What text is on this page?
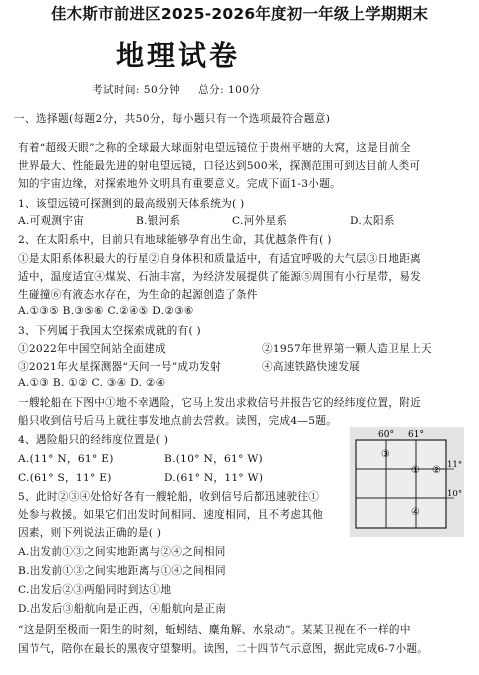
佳木斯市前进区2025-2026年度初一年级上学期期末
地理试卷
考试时间: 50分钟 总分: 100分
一、选择题(每题2分，共50分，每小题只有一个选项最符合题意)
有着“超级天眼”之称的全球最大球面射电望远镜位于贵州平塘的大窝，这是目前全
世界最大、性能最先进的射电望远镜，口径达到500米，探测范围可到达目前人类可
知的宇宙边缘，对探索地外文明具有重要意义。完成下面1-3小题。
1、该望远镜可探测到的最高级别天体系统为( )
A.可观测宇宙	B.银河系	C.河外星系	D.太阳系
2、在太阳系中，目前只有地球能够孕育出生命，其优越条件有( )
①是太阳系体积最大的行星②自身体积和质量适中，有适宜呼吸的大气层③日地距离
适中，温度适宜④煤炭、石油丰富，为经济发展提供了能源⑤周围有小行星带，易发
生碰撞⑥有液态水存在，为生命的起源创造了条件
A.①③⑤ B.③⑤⑥ C.②④⑤ D.②③⑥
3、下列属于我国太空探索成就的有( )
①2022年中国空间站全面建成	②1957年世界第一颗人造卫星上天
③2021年火星探测器“天问一号”成功发射	④高速铁路快速发展
A.①③ B. ①② C. ③④ D. ②④
一艘轮船在下图中①地不幸遇险，它马上发出求救信号并报告它的经纬度位置，附近
船只收到信号后马上就往事发地点前去营救。读图，完成4—5题。
4、遇险船只的经纬度位置是( )
A.(11° N，61° E)	B.(10° N，61° W)
C.(61° S，11° E)	D.(61° N，11° W)
5、此时②③④处恰好各有一艘轮船，收到信号后都迅速驶往①
处参与救援。如果它们出发时间相同、速度相同，且不考虑其他
因素，则下列说法正确的是( )
A.出发前①③之间实地距离与②④之间相同
B.出发前①③之间实地距离与①④之间相同
C.出发后②③两船同时到达①地
D.出发后③船航向是正西，④船航向是正南
“这是阴至极而一阳生的时刻，蚯蚓结、麋角解、水泉动”。某某卫视在不一样的中
国节气，陪你在最长的黑夜守望黎明。读图，二十四节气示意图，据此完成6-7小题。
60° 61°
11°
10°
③
① ②
④
